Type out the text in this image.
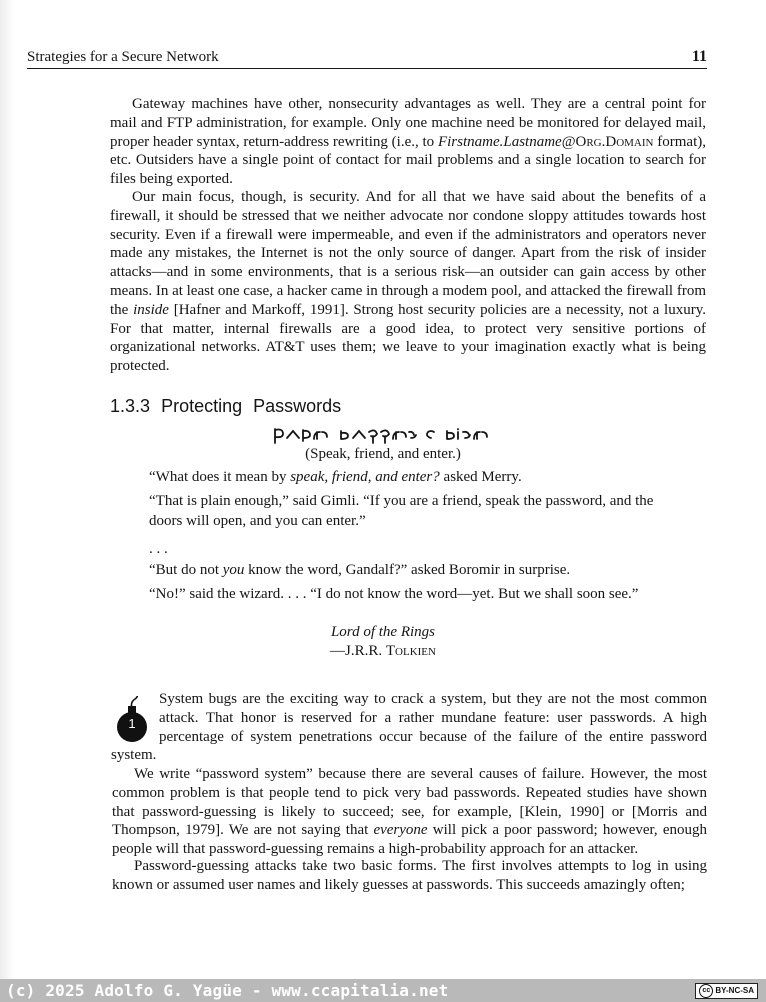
Strategies for a Secure Network	11

Gateway machines have other, nonsecurity advantages as well. They are a central point for mail and FTP administration, for example. Only one machine need be monitored for delayed mail, proper header syntax, return-address rewriting (i.e., to Firstname.Lastname@Org.Domain format), etc. Outsiders have a single point of contact for mail problems and a single location to search for files being exported.

Our main focus, though, is security. And for all that we have said about the benefits of a firewall, it should be stressed that we neither advocate nor condone sloppy attitudes towards host security. Even if a firewall were impermeable, and even if the administrators and operators never made any mistakes, the Internet is not the only source of danger. Apart from the risk of insider attacks—and in some environments, that is a serious risk—an outsider can gain access by other means. In at least one case, a hacker came in through a modem pool, and attacked the firewall from the inside [Hafner and Markoff, 1991]. Strong host security policies are a necessity, not a luxury. For that matter, internal firewalls are a good idea, to protect very sensitive portions of organizational networks. AT&T uses them; we leave to your imagination exactly what is being protected.

1.3.3 Protecting Passwords
(Speak, friend, and enter.)

“What does it mean by speak, friend, and enter? asked Merry.

“That is plain enough,” said Gimli. “If you are a friend, speak the password, and the doors will open, and you can enter.”

. . .

“But do not you know the word, Gandalf?” asked Boromir in surprise.

“No!” said the wizard. . . . “I do not know the word—yet. But we shall soon see.”

Lord of the Rings
—J.R.R. Tolkien
1

System bugs are the exciting way to crack a system, but they are not the most common
attack. That honor is reserved for a rather mundane feature: user passwords. A high
percentage of system penetrations occur because of the failure of the entire password
system.

We write “password system” because there are several causes of failure. However, the most common problem is that people tend to pick very bad passwords. Repeated studies have shown that password-guessing is likely to succeed; see, for example, [Klein, 1990] or [Morris and Thompson, 1979]. We are not saying that everyone will pick a poor password; however, enough people will that password-guessing remains a high-probability approach for an attacker.

Password-guessing attacks take two basic forms. The first involves attempts to log in using known or assumed user names and likely guesses at passwords. This succeeds amazingly often;

(c) 2025 Adolfo G. Yagüe - www.ccapitalia.net	cc BY-NC-SA
